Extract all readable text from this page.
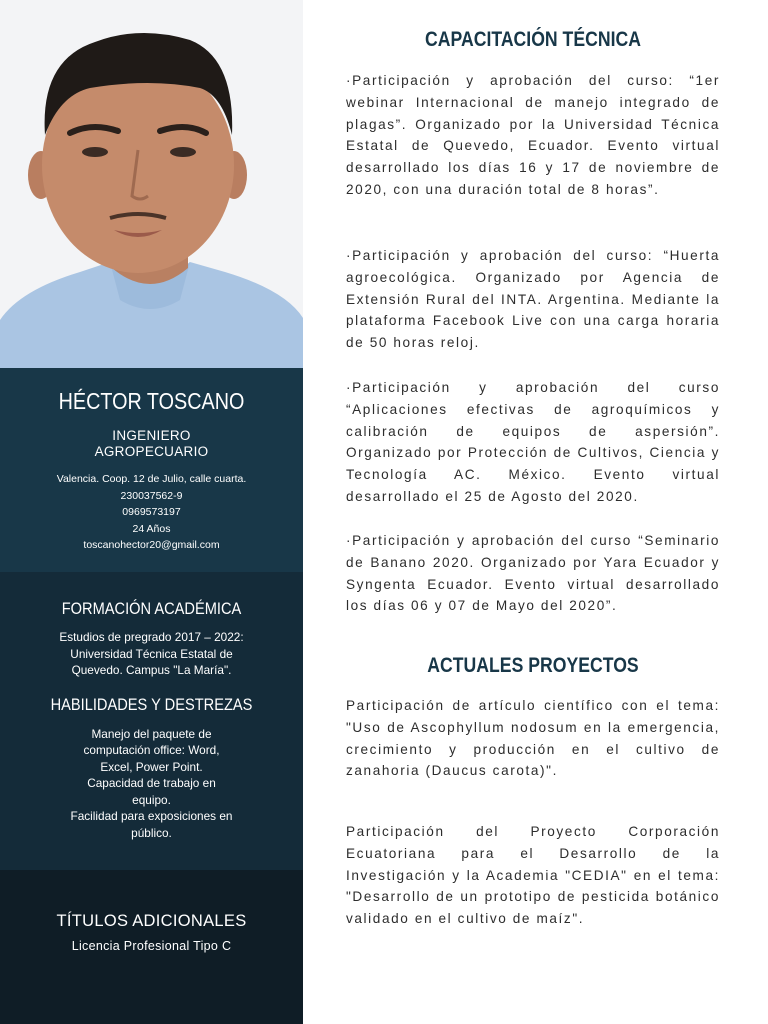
HÉCTOR TOSCANO
INGENIERO
AGROPECUARIO
Valencia. Coop. 12 de Julio, calle cuarta.
230037562-9
0969573197
24 Años
toscanohector20@gmail.com
FORMACIÓN ACADÉMICA
Estudios de pregrado 2017 – 2022:
Universidad Técnica Estatal de
Quevedo. Campus "La María".
HABILIDADES Y DESTREZAS
Manejo del paquete de
computación office: Word,
Excel, Power Point.
Capacidad de trabajo en
equipo.
Facilidad para exposiciones en
público.
TÍTULOS ADICIONALES
Licencia Profesional Tipo C
CAPACITACIÓN TÉCNICA
·Participación y aprobación del curso: “1er webinar Internacional de manejo integrado de plagas”. Organizado por la Universidad Técnica Estatal de Quevedo, Ecuador. Evento virtual desarrollado los días 16 y 17 de noviembre de 2020, con una duración total de 8 horas”.
·Participación y aprobación del curso: “Huerta agroecológica. Organizado por Agencia de Extensión Rural del INTA. Argentina. Mediante la plataforma Facebook Live con una carga horaria de 50 horas reloj.
·Participación y aprobación del curso “Aplicaciones efectivas de agroquímicos y calibración de equipos de aspersión”. Organizado por Protección de Cultivos, Ciencia y Tecnología AC. México. Evento virtual desarrollado el 25 de Agosto del 2020.
·Participación y aprobación del curso “Seminario de Banano 2020. Organizado por Yara Ecuador y Syngenta Ecuador. Evento virtual desarrollado los días 06 y 07 de Mayo del 2020”.
ACTUALES PROYECTOS
Participación de artículo científico con el tema: "Uso de Ascophyllum nodosum en la emergencia, crecimiento y producción en el cultivo de zanahoria (Daucus carota)".
Participación del Proyecto Corporación Ecuatoriana para el Desarrollo de la Investigación y la Academia "CEDIA" en el tema: "Desarrollo de un prototipo de pesticida botánico validado en el cultivo de maíz".
